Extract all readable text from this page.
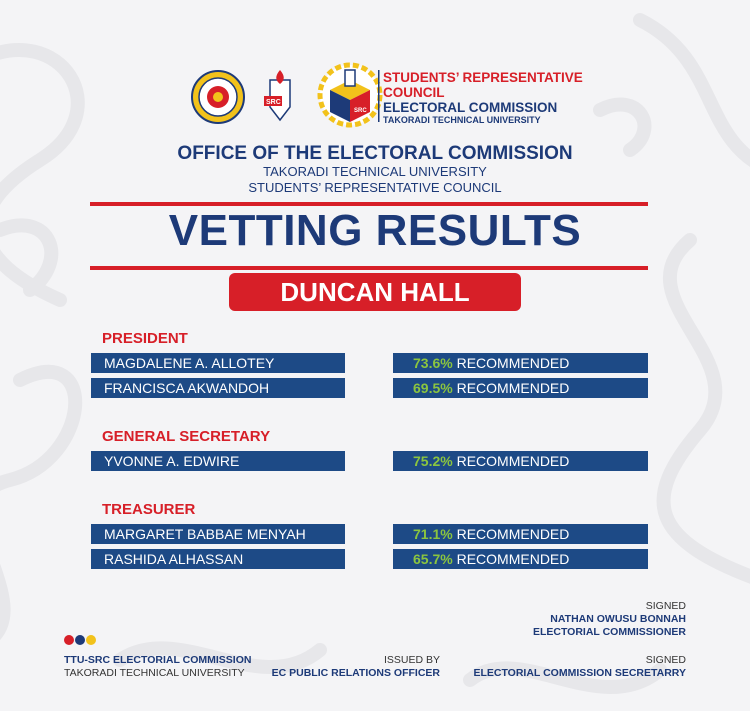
SRC
SRC
STUDENTS’ REPRESENTATIVE COUNCIL
ELECTORAL COMMISSION
TAKORADI TECHNICAL UNIVERSITY
OFFICE OF THE ELECTORAL COMMISSION
TAKORADI TECHNICAL UNIVERSITY
STUDENTS’ REPRESENTATIVE COUNCIL
VETTING RESULTS
DUNCAN HALL
PRESIDENT
MAGDALENE A. ALLOTEY	73.6% RECOMMENDED
FRANCISCA AKWANDOH	69.5% RECOMMENDED
GENERAL SECRETARY
YVONNE A. EDWIRE	75.2% RECOMMENDED
TREASURER
MARGARET BABBAE MENYAH	71.1% RECOMMENDED
RASHIDA ALHASSAN	65.7% RECOMMENDED
TTU-SRC ELECTORIAL COMMISSION
TAKORADI TECHNICAL UNIVERSITY
ISSUED BY
EC PUBLIC RELATIONS OFFICER
SIGNED
NATHAN OWUSU BONNAH
ELECTORIAL COMMISSIONER
SIGNED
ELECTORIAL COMMISSION SECRETARRY
